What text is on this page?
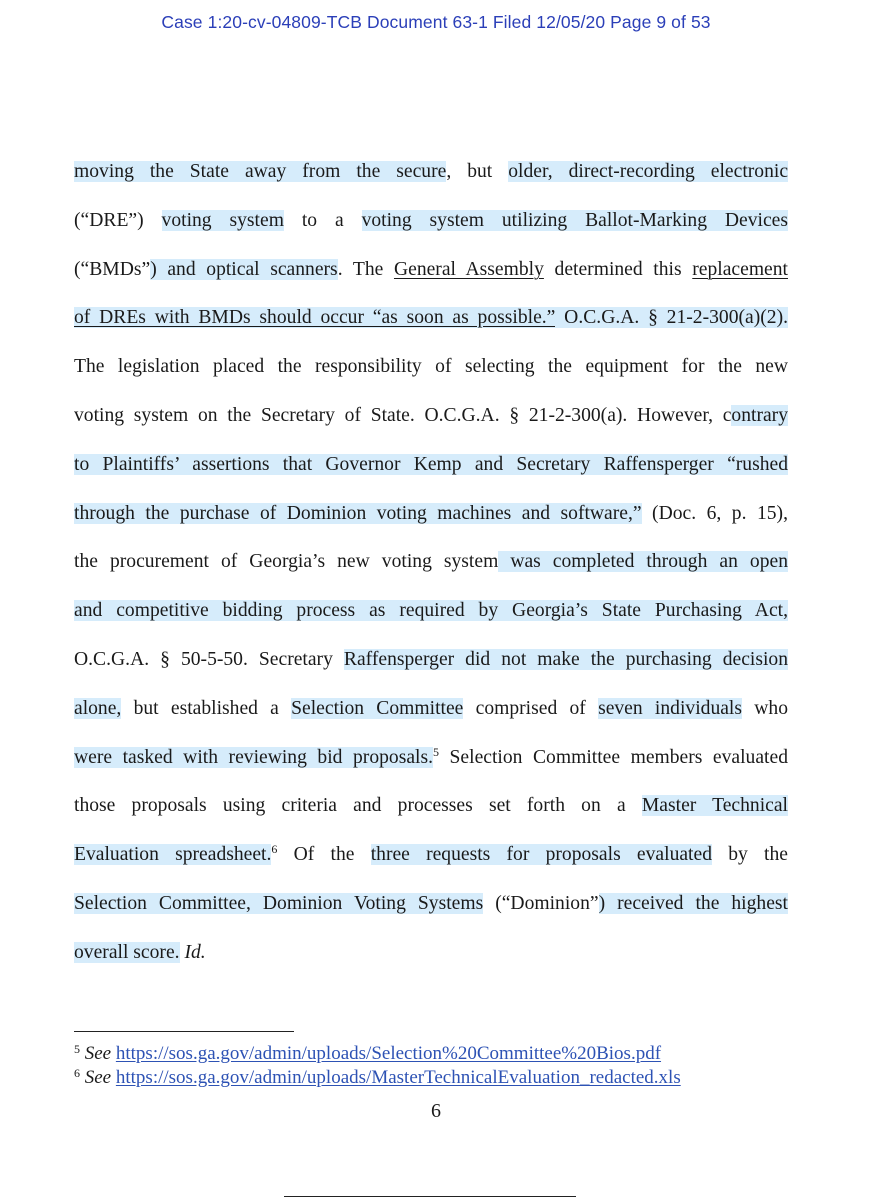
Case 1:20-cv-04809-TCB Document 63-1 Filed 12/05/20 Page 9 of 53
moving the State away from the secure, but older, direct-recording electronic
(“DRE”) voting system to a voting system utilizing Ballot-Marking Devices
(“BMDs”) and optical scanners. The General Assembly determined this replacement
of DREs with BMDs should occur “as soon as possible.” O.C.G.A. § 21-2-300(a)(2).
The legislation placed the responsibility of selecting the equipment for the new
voting system on the Secretary of State. O.C.G.A. § 21-2-300(a). However, contrary
to Plaintiffs’ assertions that Governor Kemp and Secretary Raffensperger “rushed
through the purchase of Dominion voting machines and software,” (Doc. 6, p. 15),
the procurement of Georgia’s new voting system was completed through an open
and competitive bidding process as required by Georgia’s State Purchasing Act,
O.C.G.A. § 50-5-50. Secretary Raffensperger did not make the purchasing decision
alone, but established a Selection Committee comprised of seven individuals who
were tasked with reviewing bid proposals.$^5$ Selection Committee members evaluated
those proposals using criteria and processes set forth on a Master Technical
Evaluation spreadsheet.$^6$ Of the three requests for proposals evaluated by the
Selection Committee, Dominion Voting Systems (“Dominion”) received the highest
overall score. Id.
$^5$ See https://sos.ga.gov/admin/uploads/Selection%20Committee%20Bios.pdf
$^6$ See https://sos.ga.gov/admin/uploads/MasterTechnicalEvaluation_redacted.xls
6
